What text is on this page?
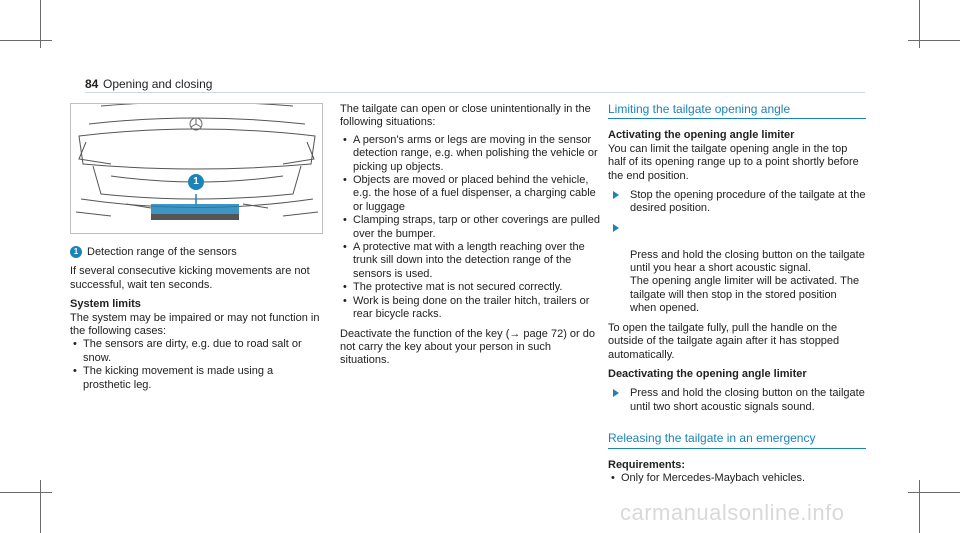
84 Opening and closing
1

1 Detection range of the sensors

If several consecutive kicking movements are not successful, wait ten seconds.

System limits

The system may be impaired or may not function in the following cases:

• The sensors are dirty, e.g. due to road salt or snow.
• The kicking movement is made using a prosthetic leg.

The tailgate can open or close unintentionally in the following situations:

• A person's arms or legs are moving in the sensor detection range, e.g. when polishing the vehicle or picking up objects.
• Objects are moved or placed behind the vehicle, e.g. the hose of a fuel dispenser, a charging cable or luggage
• Clamping straps, tarp or other coverings are pulled over the bumper.
• A protective mat with a length reaching over the trunk sill down into the detection range of the sensors is used.
• The protective mat is not secured correctly.
• Work is being done on the trailer hitch, trailers or rear bicycle racks.

Deactivate the function of the key (→ page 72) or do not carry the key about your person in such situations.

Limiting the tailgate opening angle

Activating the opening angle limiter

You can limit the tailgate opening angle in the top half of its opening range up to a point shortly before the end position.

Stop the opening procedure of the tailgate at the desired position.

Press and hold the closing button on the tailgate until you hear a short acoustic signal.
The opening angle limiter will be activated. The tailgate will then stop in the stored position when opened.

To open the tailgate fully, pull the handle on the outside of the tailgate again after it has stopped automatically.

Deactivating the opening angle limiter

Press and hold the closing button on the tailgate until two short acoustic signals sound.

Releasing the tailgate in an emergency

Requirements:

• Only for Mercedes-Maybach vehicles.
carmanualsonline.info
